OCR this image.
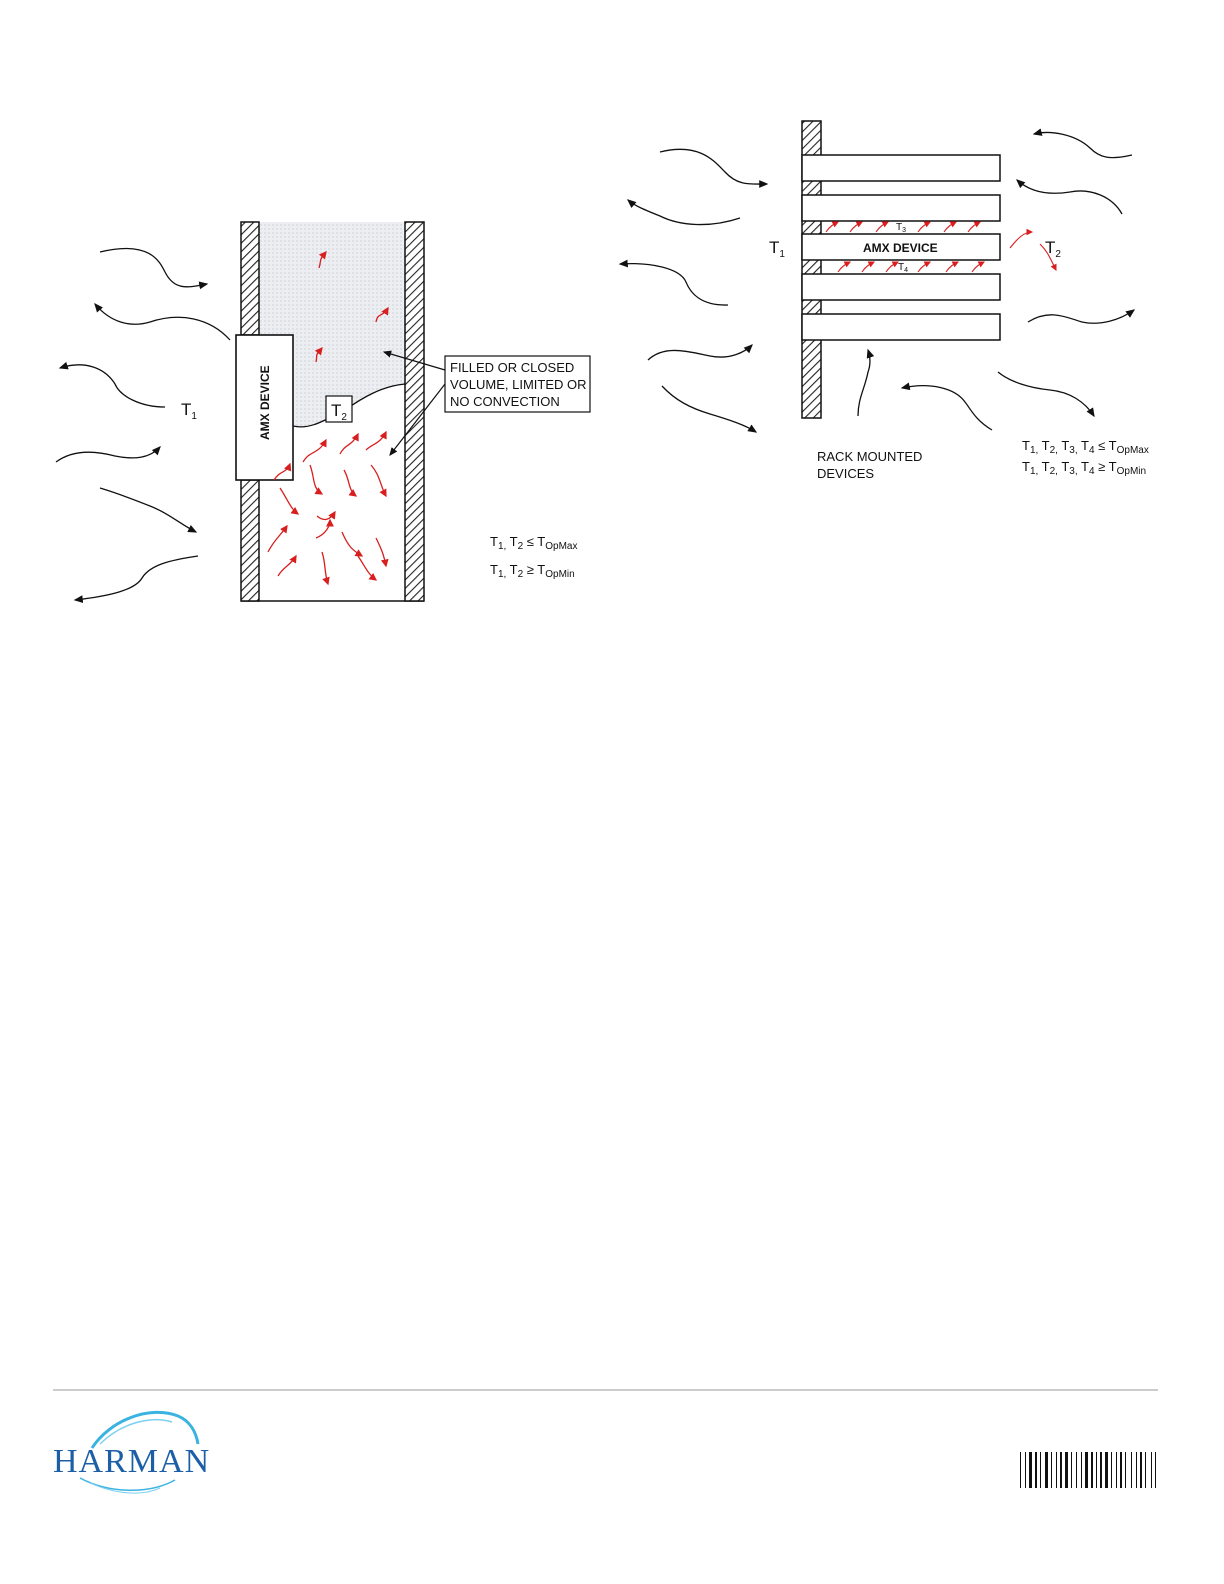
AMX DEVICE	$T_2$
$T_1$
FILLED OR CLOSED
VOLUME, LIMITED OR
NO CONVECTION
$T_{1,}$ $T_2 \le T_{OpMax}$
$T_{1,}$ $T_2 \ge T_{OpMin}$
AMX DEVICE
$T_3$
$T_4$
$T_1$	$T_2$
RACK MOUNTED
DEVICES
$T_{1,}$ $T_{2,}$ $T_{3,}$ $T_4 \le T_{OpMax}$
$T_{1,}$ $T_{2,}$ $T_{3,}$ $T_4 \ge T_{OpMin}$
HARMAN
